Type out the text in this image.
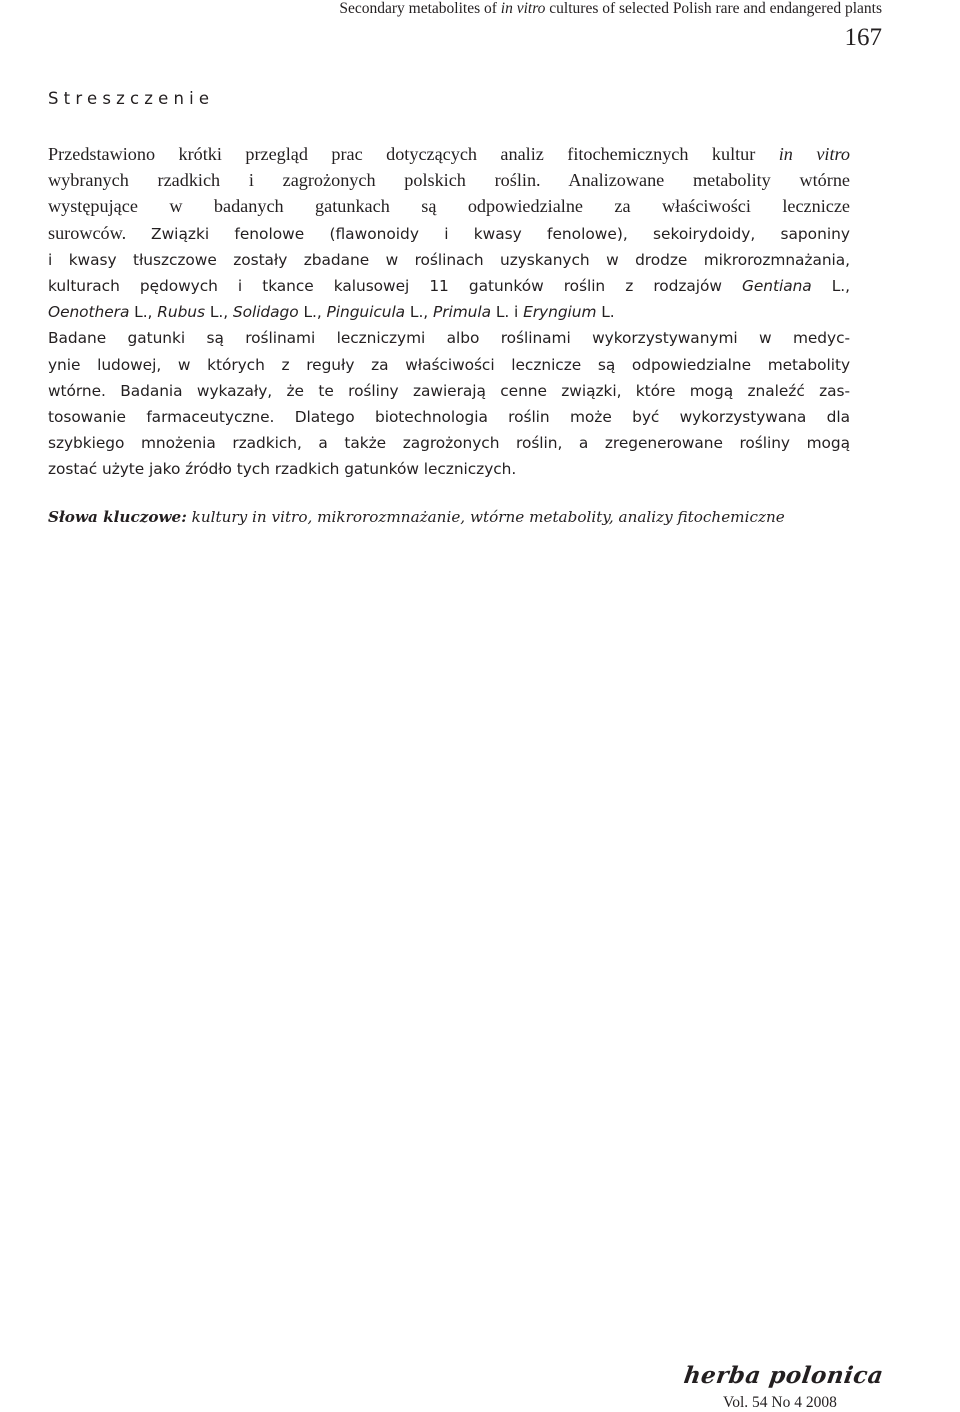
Secondary metabolites of in vitro cultures of selected Polish rare and endangered plants
167
Streszczenie
Przedstawiono krótki przegląd prac dotyczących analiz fitochemicznych kultur in vitro
wybranych rzadkich i zagrożonych polskich roślin. Analizowane metabolity wtórne
występujące w badanych gatunkach są odpowiedzialne za właściwości lecznicze
surowców. Związki fenolowe (flawonoidy i kwasy fenolowe), sekoirydoidy, saponiny
i kwasy tłuszczowe zostały zbadane w roślinach uzyskanych w drodze mikrorozmnażania,
kulturach pędowych i tkance kalusowej 11 gatunków roślin z rodzajów Gentiana L.,
Oenothera L., Rubus L., Solidago L., Pinguicula L., Primula L. i Eryngium L.
Badane gatunki są roślinami leczniczymi albo roślinami wykorzystywanymi w medyc-
ynie ludowej, w których z reguły za właściwości lecznicze są odpowiedzialne metabolity
wtórne. Badania wykazały, że te rośliny zawierają cenne związki, które mogą znaleźć zas-
tosowanie farmaceutyczne. Dlatego biotechnologia roślin może być wykorzystywana dla
szybkiego mnożenia rzadkich, a także zagrożonych roślin, a zregenerowane rośliny mogą
zostać użyte jako źródło tych rzadkich gatunków leczniczych.
Słowa kluczowe: kultury in vitro, mikrorozmnażanie, wtórne metabolity, analizy fitochemiczne
herba polonica
Vol. 54 No 4 2008
